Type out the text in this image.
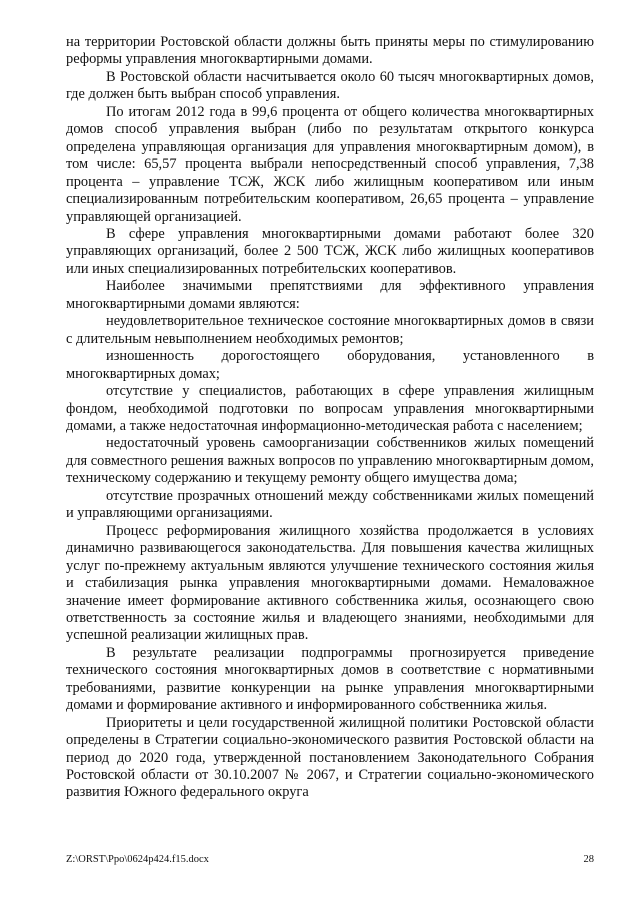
на территории Ростовской области должны быть приняты меры по стимулированию реформы управления многоквартирными домами.

В Ростовской области насчитывается около 60 тысяч многоквартирных домов, где должен быть выбран способ управления.

По итогам 2012 года в 99,6 процента от общего количества многоквартирных домов способ управления выбран (либо по результатам открытого конкурса определена управляющая организация для управления многоквартирным домом), в том числе: 65,57 процента выбрали непосредственный способ управления, 7,38 процента – управление ТСЖ, ЖСК либо жилищным кооперативом или иным специализированным потребительским кооперативом, 26,65 процента – управление управляющей организацией.

В сфере управления многоквартирными домами работают более 320 управляющих организаций, более 2 500 ТСЖ, ЖСК либо жилищных кооперативов или иных специализированных потребительских кооперативов.

Наиболее значимыми препятствиями для эффективного управления многоквартирными домами являются:

неудовлетворительное техническое состояние многоквартирных домов в связи с длительным невыполнением необходимых ремонтов;

изношенность дорогостоящего оборудования, установленного в многоквартирных домах;

отсутствие у специалистов, работающих в сфере управления жилищным фондом, необходимой подготовки по вопросам управления многоквартирными домами, а также недостаточная информационно-методическая работа с населением;

недостаточный уровень самоорганизации собственников жилых помещений для совместного решения важных вопросов по управлению многоквартирным домом, техническому содержанию и текущему ремонту общего имущества дома;

отсутствие прозрачных отношений между собственниками жилых помещений и управляющими организациями.

Процесс реформирования жилищного хозяйства продолжается в условиях динамично развивающегося законодательства. Для повышения качества жилищных услуг по-прежнему актуальным являются улучшение технического состояния жилья и стабилизация рынка управления многоквартирными домами. Немаловажное значение имеет формирование активного собственника жилья, осознающего свою ответственность за состояние жилья и владеющего знаниями, необходимыми для успешной реализации жилищных прав.

В результате реализации подпрограммы прогнозируется приведение технического состояния многоквартирных домов в соответствие с нормативными требованиями, развитие конкуренции на рынке управления многоквартирными домами и формирование активного и информированного собственника жилья.

Приоритеты и цели государственной жилищной политики Ростовской области определены в Стратегии социально-экономического развития Ростовской области на период до 2020 года, утвержденной постановлением Законодательного Собрания Ростовской области от 30.10.2007 № 2067, и Стратегии социально-экономического развития Южного федерального округа

Z:\ORST\Ppo\0624p424.f15.docx	28
